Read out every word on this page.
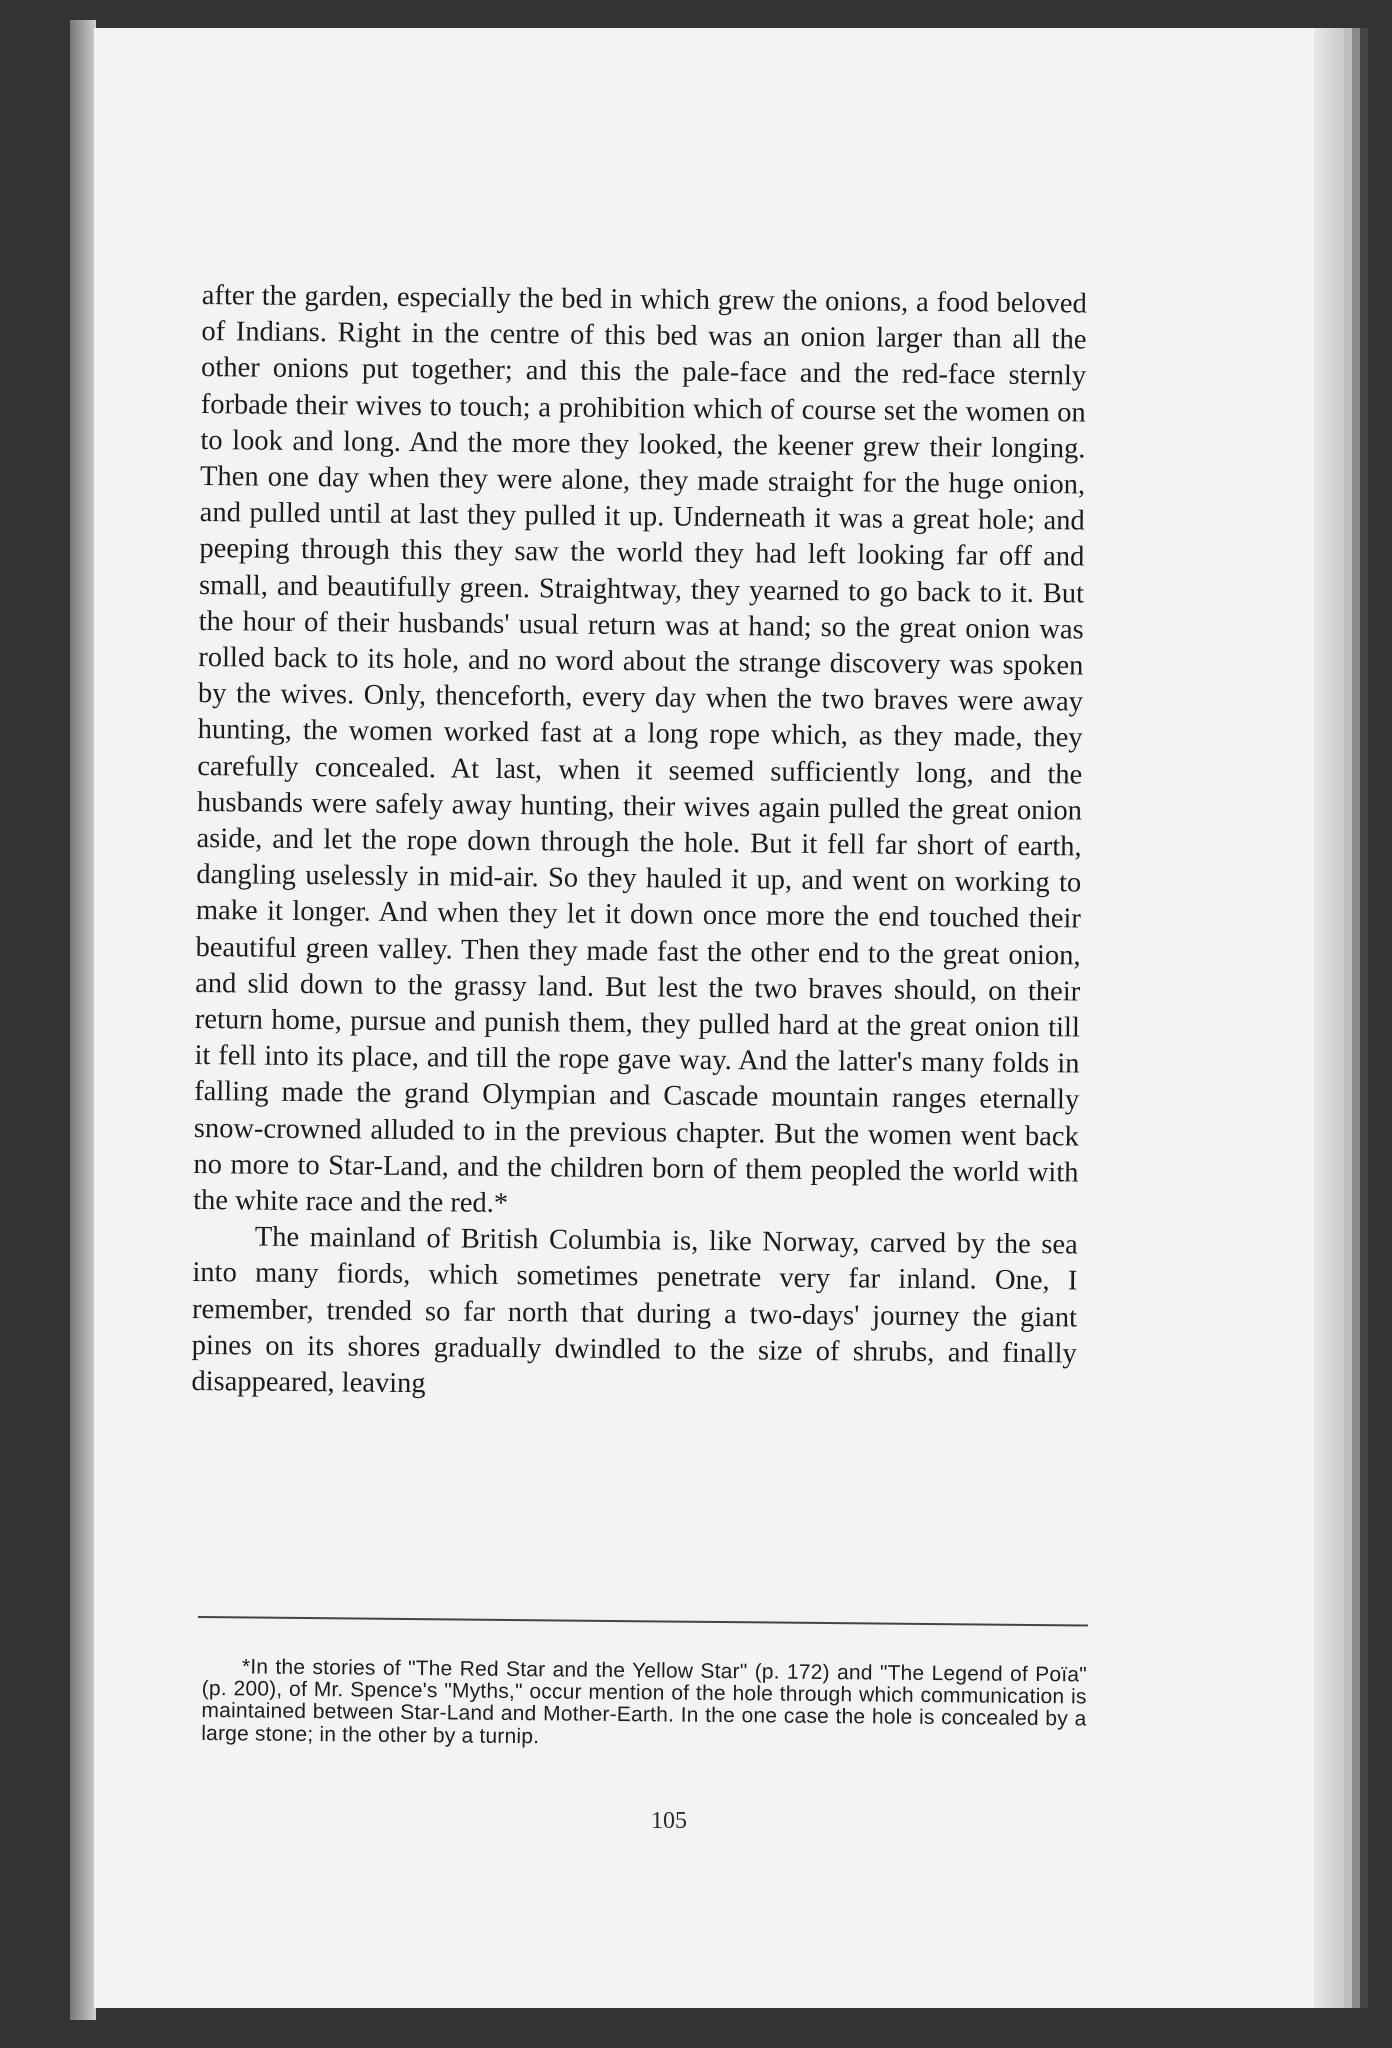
after the garden, especially the bed in which grew the onions, a food beloved of Indians. Right in the centre of this bed was an onion larger than all the other onions put together; and this the pale-face and the red-face sternly forbade their wives to touch; a prohibition which of course set the women on to look and long. And the more they looked, the keener grew their longing. Then one day when they were alone, they made straight for the huge onion, and pulled until at last they pulled it up. Underneath it was a great hole; and peeping through this they saw the world they had left looking far off and small, and beautifully green. Straightway, they yearned to go back to it. But the hour of their husbands' usual return was at hand; so the great onion was rolled back to its hole, and no word about the strange discovery was spoken by the wives. Only, thenceforth, every day when the two braves were away hunting, the women worked fast at a long rope which, as they made, they carefully concealed. At last, when it seemed sufficiently long, and the husbands were safely away hunting, their wives again pulled the great onion aside, and let the rope down through the hole. But it fell far short of earth, dangling uselessly in mid-air. So they hauled it up, and went on working to make it longer. And when they let it down once more the end touched their beautiful green valley. Then they made fast the other end to the great onion, and slid down to the grassy land. But lest the two braves should, on their return home, pursue and punish them, they pulled hard at the great onion till it fell into its place, and till the rope gave way. And the latter's many folds in falling made the grand Olympian and Cascade mountain ranges eternally snow-crowned alluded to in the previous chapter. But the women went back no more to Star-Land, and the children born of them peopled the world with the white race and the red.*

The mainland of British Columbia is, like Norway, carved by the sea into many fiords, which sometimes penetrate very far inland. One, I remember, trended so far north that during a two-days' journey the giant pines on its shores gradually dwindled to the size of shrubs, and finally disappeared, leaving

*In the stories of "The Red Star and the Yellow Star" (p. 172) and "The Legend of Poïa" (p. 200), of Mr. Spence's "Myths," occur mention of the hole through which communication is maintained between Star-Land and Mother-Earth. In the one case the hole is concealed by a large stone; in the other by a turnip.
105
